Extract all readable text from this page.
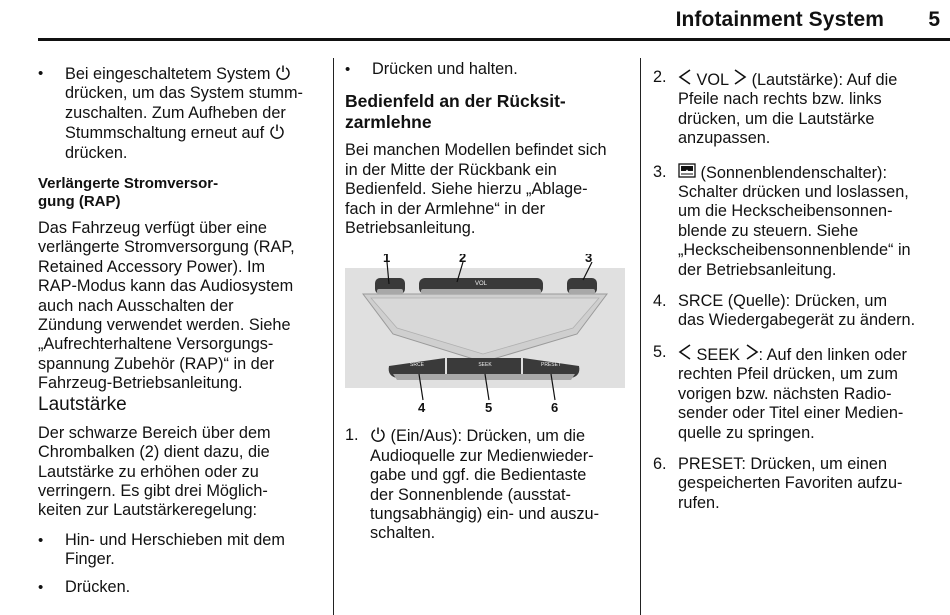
Infotainment System 5

• Bei eingeschaltetem System

drücken, um das System stumm-

zuschalten. Zum Aufheben der

Stummschaltung erneut auf

drücken.

Verlängerte Stromversor-

gung (RAP)

Das Fahrzeug verfügt über eine

verlängerte Stromversorgung (RAP,

Retained Accessory Power). Im

RAP-Modus kann das Audiosystem

auch nach Ausschalten der

Zündung verwendet werden. Siehe

„Aufrechterhaltene Versorgungs-

spannung Zubehör (RAP)“ in der

Fahrzeug-Betriebsanleitung.

Lautstärke

Der schwarze Bereich über dem

Chrombalken (2) dient dazu, die

Lautstärke zu erhöhen oder zu

verringern. Es gibt drei Möglich-

keiten zur Lautstärkeregelung:

• Hin- und Herschieben mit dem

Finger.

• Drücken.

• Drücken und halten.

Bedienfeld an der Rücksit-

zarmlehne

Bei manchen Modellen befindet sich

in der Mitte der Rückbank ein

Bedienfeld. Siehe hierzu „Ablage-

fach in der Armlehne“ in der

Betriebsanleitung.

VOL
SRCE	SEEK	PRESET
1	2	3
4	5	6
1.	(Ein/Aus): Drücken, um die

Audioquelle zur Medienwieder-

gabe und ggf. die Bedientaste

der Sonnenblende (ausstat-

tungsabhängig) ein- und auszu-

schalten.

2.	VOL (Lautstärke): Auf die

Pfeile nach rechts bzw. links

drücken, um die Lautstärke

anzupassen.

3.	(Sonnenblendenschalter):

Schalter drücken und loslassen,

um die Heckscheibensonnen-

blende zu steuern. Siehe

„Heckscheibensonnenblende“ in

der Betriebsanleitung.

4. SRCE (Quelle): Drücken, um

das Wiedergabegerät zu ändern.

5.	SEEK : Auf den linken oder

rechten Pfeil drücken, um zum

vorigen bzw. nächsten Radio-

sender oder Titel einer Medien-

quelle zu springen.

6. PRESET: Drücken, um einen

gespeicherten Favoriten aufzu-

rufen.
